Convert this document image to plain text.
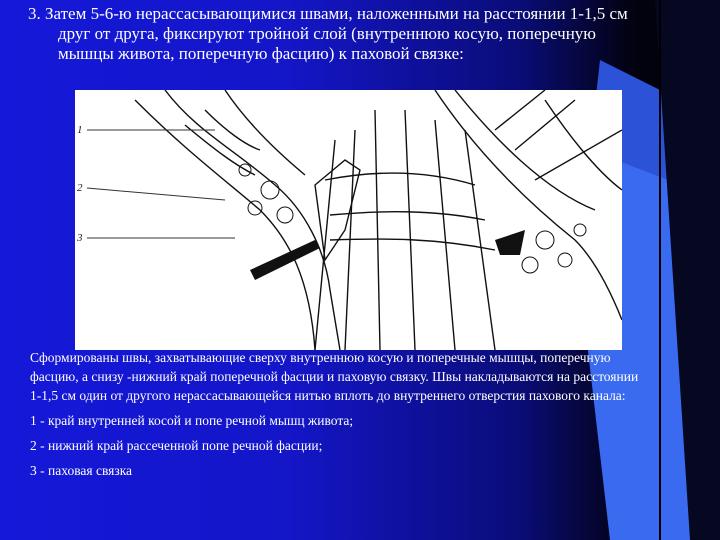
3. Затем 5-6-ю нерассасывающимися швами, наложенными на расстоянии 1-1,5 см друг от друга, фиксируют тройной слой (внутреннюю косую, поперечную мышцы живота, поперечную фасцию) к паховой связке:
1
2
3

Сформированы швы, захватывающие сверху внутреннюю косую и поперечные мышцы, поперечную фасцию, а снизу -нижний край поперечной фасции и паховую связку. Швы накладываются на расстоянии 1-1,5 см один от другого нерассасывающейся нитью вплоть до внутреннего отверстия пахового канала:

1 - край внутренней косой и попе речной мышц живота;

2 - нижний край рассеченной попе речной фасции;

3 - паховая связка
